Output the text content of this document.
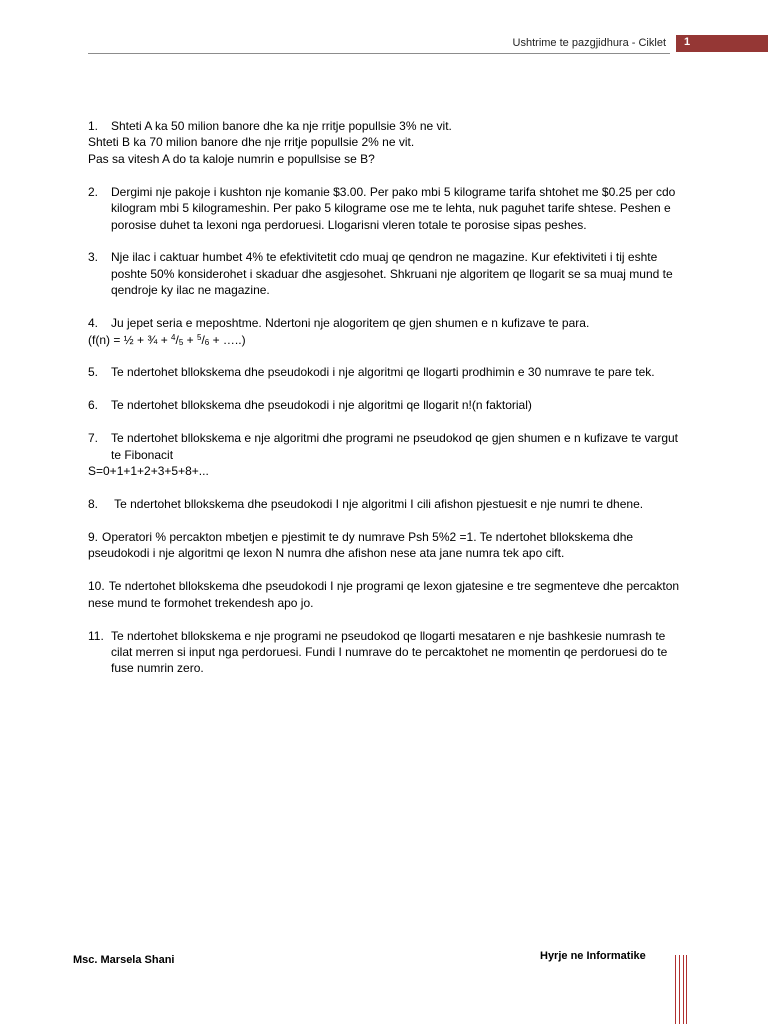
Ushtrime te pazgjidhura - Ciklet	1
1. Shteti A ka 50 milion banore dhe ka nje rritje popullsie 3% ne vit.
Shteti B ka 70 milion banore dhe nje rritje popullsie 2% ne vit.
Pas sa vitesh A do ta kaloje numrin e popullsise se B?
2. Dergimi nje pakoje i kushton nje komanie $3.00. Per pako mbi 5 kilograme tarifa shtohet me $0.25 per cdo kilogram mbi 5 kilogrameshin. Per pako 5 kilograme ose me te lehta, nuk paguhet tarife shtese. Peshen e porosise duhet ta lexoni nga perdoruesi. Llogarisni vleren totale te porosise sipas peshes.
3. Nje ilac i caktuar humbet 4% te efektivitetit cdo muaj qe qendron ne magazine. Kur efektiviteti i tij eshte poshte 50% konsiderohet i skaduar dhe asgjesohet. Shkruani nje algoritem qe llogarit se sa muaj mund te qendroje ky ilac ne magazine.
4. Ju jepet seria e meposhtme. Ndertoni nje alogoritem qe gjen shumen e n kufizave te para.
(f(n) = ½ + ¾ + $^4/_5 + ^5/_6$ + …..)
5. Te ndertohet bllokskema dhe pseudokodi i nje algoritmi qe llogarti prodhimin e 30 numrave te pare tek.
6. Te ndertohet bllokskema dhe pseudokodi i nje algoritmi qe llogarit n!(n faktorial)
7. Te ndertohet bllokskema e nje algoritmi dhe programi ne pseudokod qe gjen shumen e n kufizave te vargut te Fibonacit
S=0+1+1+2+3+5+8+...
8. Te ndertohet bllokskema dhe pseudokodi I nje algoritmi I cili afishon pjestuesit e nje numri te dhene.
9. Operatori % percakton mbetjen e pjestimit te dy numrave Psh 5%2 =1. Te ndertohet bllokskema dhe pseudokodi i nje algoritmi qe lexon N numra dhe afishon nese ata jane numra tek apo cift.
10. Te ndertohet bllokskema dhe pseudokodi I nje programi qe lexon gjatesine e tre segmenteve dhe percakton nese mund te formohet trekendesh apo jo.
11. Te ndertohet bllokskema e nje programi ne pseudokod qe llogarti mesataren e nje bashkesie numrash te cilat merren si input nga perdoruesi. Fundi I numrave do te percaktohet ne momentin qe perdoruesi do te fuse numrin zero.
Msc. Marsela Shani	Hyrje ne Informatike
